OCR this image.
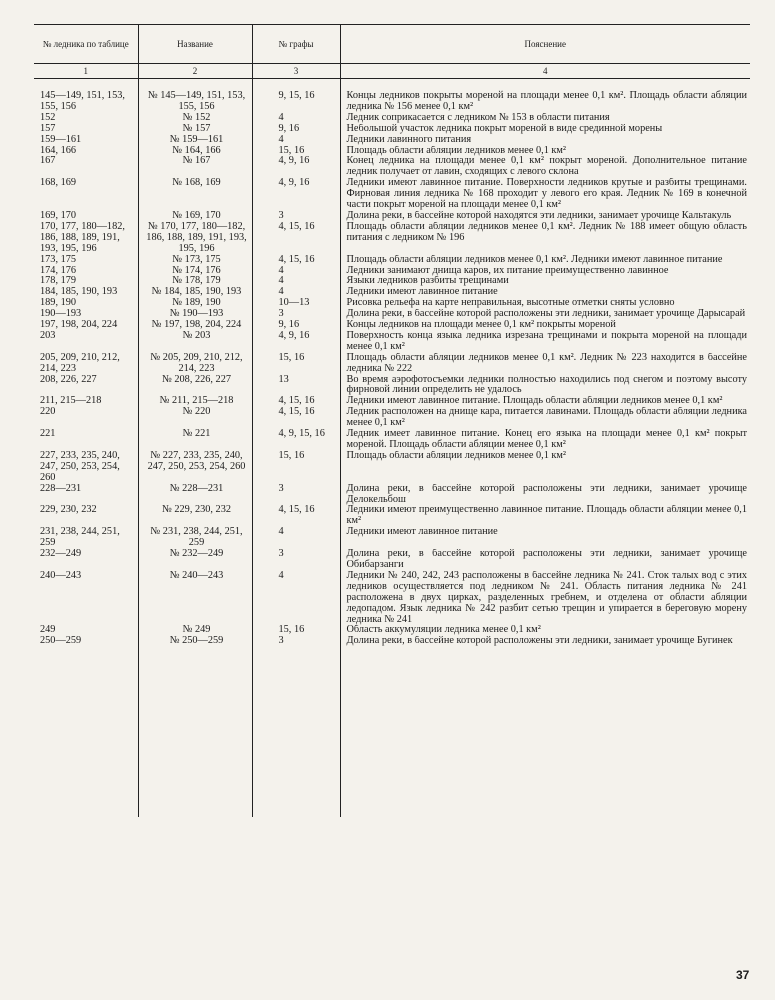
№ ледника по таблице	Название	№ графы	Пояснение
1	2	3	4
145—149, 151, 153, 155, 156	№ 145—149, 151, 153, 155, 156	9, 15, 16	Концы ледников покрыты мореной на площади менее 0,1 км². Площадь области абляции ледника № 156 менее 0,1 км²
152	№ 152	4	Ледник соприкасается с ледником № 153 в области питания
157	№ 157	9, 16	Небольшой участок ледника покрыт мореной в виде срединной морены
159—161	№ 159—161	4	Ледники лавинного питания
164, 166	№ 164, 166	15, 16	Площадь области абляции ледников менее 0,1 км²
167	№ 167	4, 9, 16	Конец ледника на площади менее 0,1 км² покрыт мореной. Дополнительное питание ледник получает от лавин, сходящих с левого склона
168, 169	№ 168, 169	4, 9, 16	Ледники имеют лавинное питание. Поверхности ледников крутые и разбиты трещинами. Фирновая линия ледника № 168 проходит у левого его края. Ледник № 169 в конечной части покрыт мореной на площади менее 0,1 км²
169, 170	№ 169, 170	3	Долина реки, в бассейне которой находятся эти ледники, занимает урочище Кальтакуль
170, 177, 180—182, 186, 188, 189, 191, 193, 195, 196	№ 170, 177, 180—182, 186, 188, 189, 191, 193, 195, 196	4, 15, 16	Площадь области абляции ледников менее 0,1 км². Ледник № 188 имеет общую область питания с ледником № 196
173, 175	№ 173, 175	4, 15, 16	Площадь области абляции ледников менее 0,1 км². Ледники имеют лавинное питание
174, 176	№ 174, 176	4	Ледники занимают днища каров, их питание преимущественно лавинное
178, 179	№ 178, 179	4	Языки ледников разбиты трещинами
184, 185, 190, 193	№ 184, 185, 190, 193	4	Ледники имеют лавинное питание
189, 190	№ 189, 190	10—13	Рисовка рельефа на карте неправильная, высотные отметки сняты условно
190—193	№ 190—193	3	Долина реки, в бассейне которой расположены эти ледники, занимает урочище Дарысарай
197, 198, 204, 224	№ 197, 198, 204, 224	9, 16	Концы ледников на площади менее 0,1 км² покрыты мореной
203	№ 203	4, 9, 16	Поверхность конца языка ледника изрезана трещинами и покрыта мореной на площади менее 0,1 км²
205, 209, 210, 212, 214, 223	№ 205, 209, 210, 212, 214, 223	15, 16	Площадь области абляции ледников менее 0,1 км². Ледник № 223 находится в бассейне ледника № 222
208, 226, 227	№ 208, 226, 227	13	Во время аэрофотосъемки ледники полностью находились под снегом и поэтому высоту фирновой линии определить не удалось
211, 215—218	№ 211, 215—218	4, 15, 16	Ледники имеют лавинное питание. Площадь области абляции ледников менее 0,1 км²
220	№ 220	4, 15, 16	Ледник расположен на днище кара, питается лавинами. Площадь области абляции ледника менее 0,1 км²
221	№ 221	4, 9, 15, 16	Ледник имеет лавинное питание. Конец его языка на площади менее 0,1 км² покрыт мореной. Площадь области абляции менее 0,1 км²
227, 233, 235, 240, 247, 250, 253, 254, 260	№ 227, 233, 235, 240, 247, 250, 253, 254, 260	15, 16	Площадь области абляции ледников менее 0,1 км²
228—231	№ 228—231	3	Долина реки, в бассейне которой расположены эти ледники, занимает урочище Делокельбош
229, 230, 232	№ 229, 230, 232	4, 15, 16	Ледники имеют преимущественно лавинное питание. Площадь области абляции менее 0,1 км²
231, 238, 244, 251, 259	№ 231, 238, 244, 251, 259	4	Ледники имеют лавинное питание
232—249	№ 232—249	3	Долина реки, в бассейне которой расположены эти ледники, занимает урочище Обибарзанги
240—243	№ 240—243	4	Ледники № 240, 242, 243 расположены в бассейне ледника № 241. Сток талых вод с этих ледников осуществляется под ледником № 241. Область питания ледника № 241 расположена в двух циркаx, разделенных гребнем, и отделена от области абляции ледопадом. Язык ледника № 242 разбит сетью трещин и упирается в береговую морену ледника № 241
249	№ 249	15, 16	Область аккумуляции ледника менее 0,1 км²
250—259	№ 250—259	3	Долина реки, в бассейне которой расположены эти ледники, занимает урочище Бугинек

37
